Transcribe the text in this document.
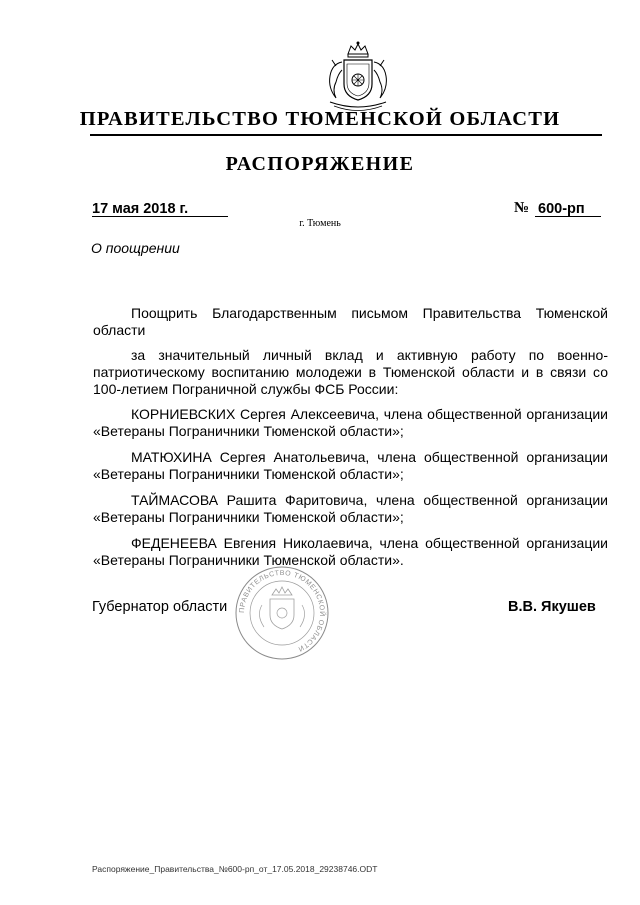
ПРАВИТЕЛЬСТВО ТЮМЕНСКОЙ ОБЛАСТИ
РАСПОРЯЖЕНИЕ
17 мая 2018 г.	№ 600-рп
г. Тюмень
О поощрении

Поощрить Благодарственным письмом Правительства Тюменской области

за значительный личный вклад и активную работу по военно-патриотическому воспитанию молодежи в Тюменской области и в связи со 100-летием Пограничной службы ФСБ России:

КОРНИЕВСКИХ Сергея Алексеевича, члена общественной организации «Ветераны Пограничники Тюменской области»;

МАТЮХИНА Сергея Анатольевича, члена общественной организации «Ветераны Пограничники Тюменской области»;

ТАЙМАСОВА Рашита Фаритовича, члена общественной организации «Ветераны Пограничники Тюменской области»;

ФЕДЕНЕЕВА Евгения Николаевича, члена общественной организации «Ветераны Пограничники Тюменской области».

ПРАВИТЕЛЬСТВО ТЮМЕНСКОЙ ОБЛАСТИ
Губернатор области	В.В. Якушев
Распоряжение_Правительства_№600-рп_от_17.05.2018_29238746.ODT
